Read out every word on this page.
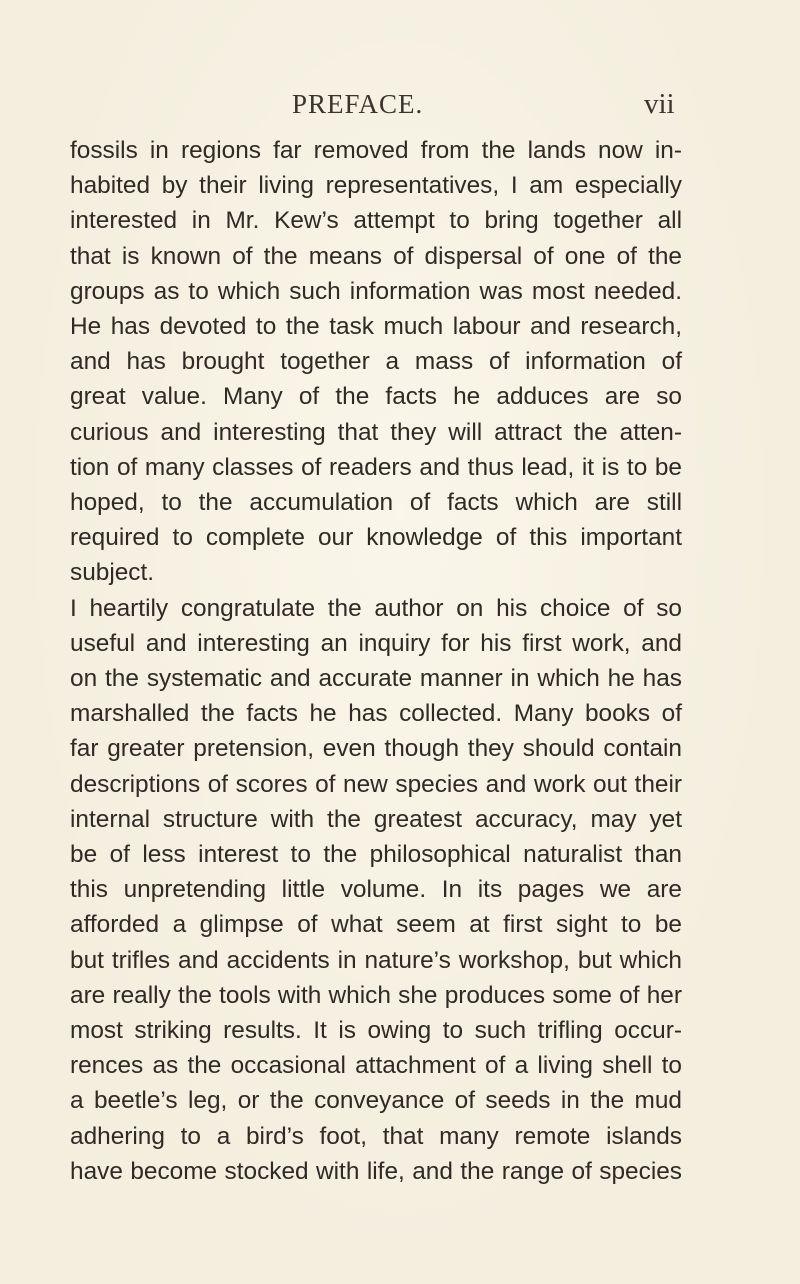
PREFACE.	vii
fossils in regions far removed from the lands now in-
habited by their living representatives, I am especially
interested in Mr. Kew’s attempt to bring together all
that is known of the means of dispersal of one of the
groups as to which such information was most needed.
He has devoted to the task much labour and research,
and has brought together a mass of information of
great value. Many of the facts he adduces are so
curious and interesting that they will attract the atten-
tion of many classes of readers and thus lead, it is to be
hoped, to the accumulation of facts which are still
required to complete our knowledge of this important
subject.
I heartily congratulate the author on his choice of so
useful and interesting an inquiry for his first work, and
on the systematic and accurate manner in which he has
marshalled the facts he has collected. Many books of
far greater pretension, even though they should contain
descriptions of scores of new species and work out their
internal structure with the greatest accuracy, may yet
be of less interest to the philosophical naturalist than
this unpretending little volume. In its pages we are
afforded a glimpse of what seem at first sight to be
but trifles and accidents in nature’s workshop, but which
are really the tools with which she produces some of her
most striking results. It is owing to such trifling occur-
rences as the occasional attachment of a living shell to
a beetle’s leg, or the conveyance of seeds in the mud
adhering to a bird’s foot, that many remote islands
have become stocked with life, and the range of species
